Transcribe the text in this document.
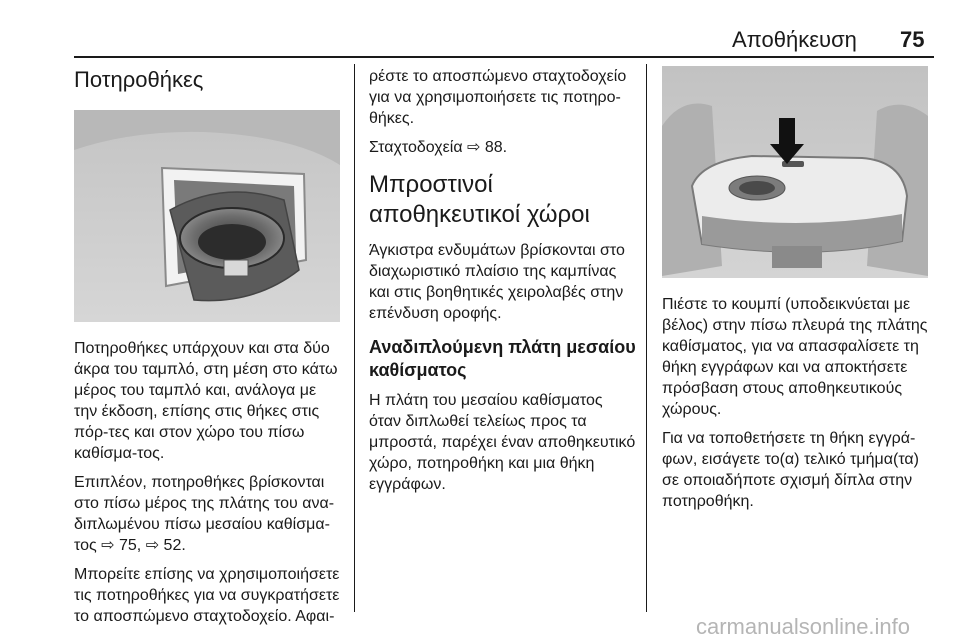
Αποθήκευση 75
Ποτηροθήκες

Ποτηροθήκες υπάρχουν και στα δύο άκρα του ταμπλό, στη μέση στο κάτω μέρος του ταμπλό και, ανάλογα με την έκδοση, επίσης στις θήκες στις πόρ-τες και στον χώρο του πίσω καθίσμα-τος.

Επιπλέον, ποτηροθήκες βρίσκονται στο πίσω μέρος της πλάτης του ανα-διπλωμένου πίσω μεσαίου καθίσμα-τος ⇨ 75, ⇨ 52.

Μπορείτε επίσης να χρησιμοποιήσετε τις ποτηροθήκες για να συγκρατήσετε το αποσπώμενο σταχτοδοχείο. Αφαι-

ρέστε το αποσπώμενο σταχτοδοχείο για να χρησιμοποιήσετε τις ποτηρο-θήκες.

Σταχτοδοχεία ⇨ 88.

Μπροστινοί αποθηκευτικοί χώροι

Άγκιστρα ενδυμάτων βρίσκονται στο διαχωριστικό πλαίσιο της καμπίνας και στις βοηθητικές χειρολαβές στην επένδυση οροφής.

Αναδιπλούμενη πλάτη μεσαίου καθίσματος

Η πλάτη του μεσαίου καθίσματος όταν διπλωθεί τελείως προς τα μπροστά, παρέχει έναν αποθηκευτικό χώρο, ποτηροθήκη και μια θήκη εγγράφων.

Πιέστε το κουμπί (υποδεικνύεται με βέλος) στην πίσω πλευρά της πλάτης καθίσματος, για να απασφαλίσετε τη θήκη εγγράφων και να αποκτήσετε πρόσβαση στους αποθηκευτικούς χώρους.

Για να τοποθετήσετε τη θήκη εγγρά-φων, εισάγετε το(α) τελικό τμήμα(τα) σε οποιαδήποτε σχισμή δίπλα στην ποτηροθήκη.

carmanualsonline.info
